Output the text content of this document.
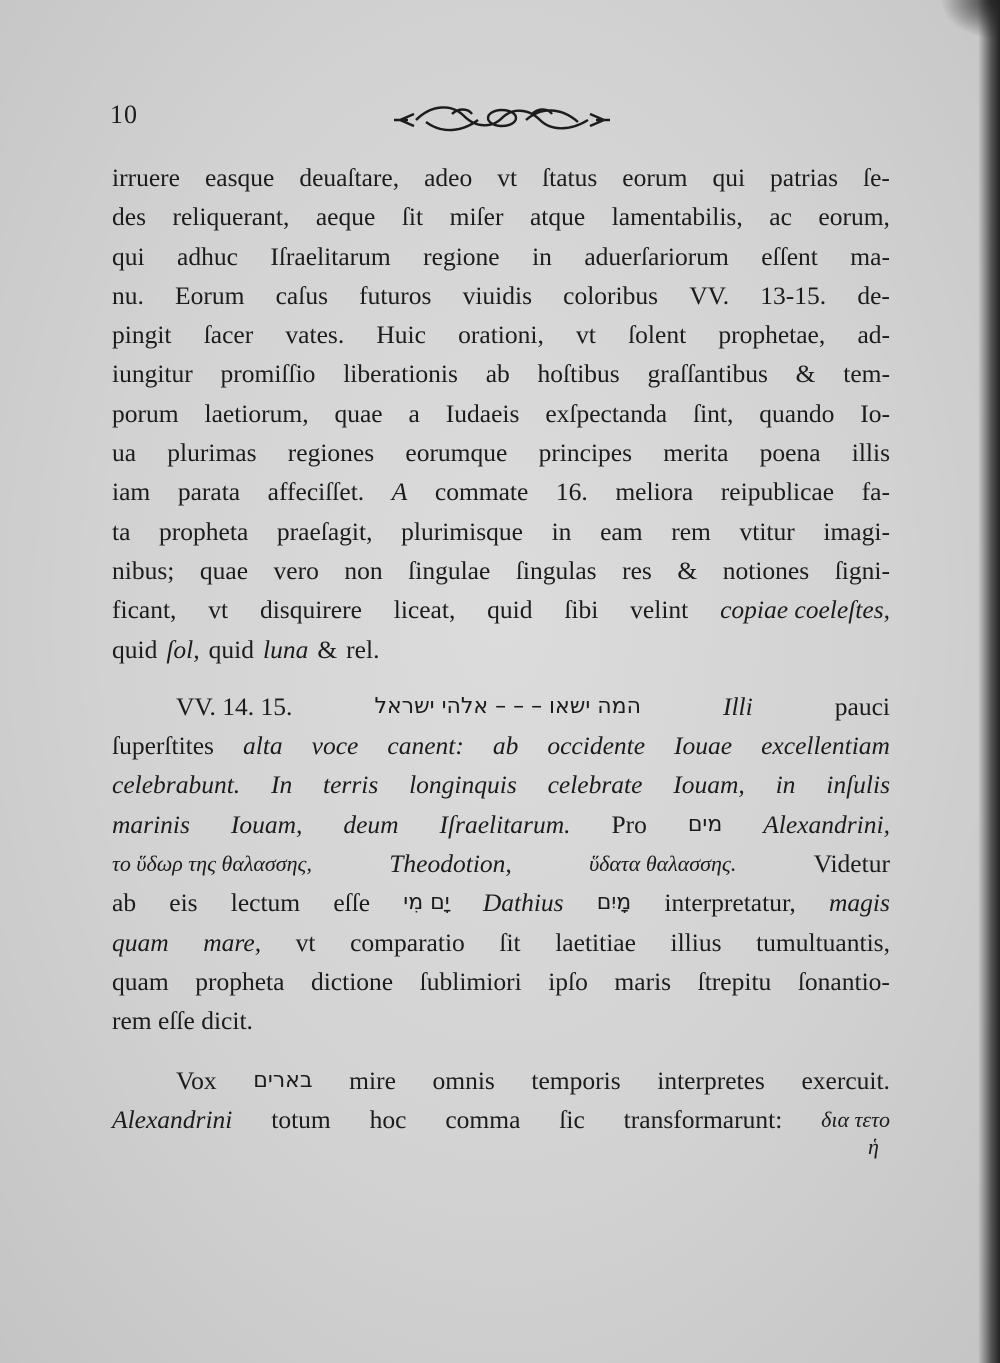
10
irruere easque deuaſtare, adeo vt ſtatus eorum qui patrias ſe-
des reliquerant, aeque ſit miſer atque lamentabilis, ac eorum,
qui adhuc Iſraelitarum regione in aduerſariorum eſſent ma-
nu. Eorum caſus futuros viuidis coloribus VV. 13-15. de-
pingit ſacer vates. Huic orationi, vt ſolent prophetae, ad-
iungitur promiſſio liberationis ab hoſtibus graſſantibus & tem-
porum laetiorum, quae a Iudaeis exſpectanda ſint, quando Io-
ua plurimas regiones eorumque principes merita poena illis
iam parata affeciſſet. A commate 16. meliora reipublicae fa-
ta propheta praeſagit, plurimisque in eam rem vtitur imagi-
nibus; quae vero non ſingulae ſingulas res & notiones ſigni-
ficant, vt disquirere liceat, quid ſibi velint copiae coeleſtes,
quid ſol, quid luna & rel.
VV. 14. 15.	המה ישאו – – – אלהי ישראל	Illi	pauci
ſuperſtites alta voce canent: ab occidente Iouae excellentiam
celebrabunt. In terris longinquis celebrate Iouam, in inſulis
marinis Iouam, deum Iſraelitarum. Pro מים Alexandrini,
το ὕδωρ της θαλασσης,	Theodotion,	ὕδατα θαλασσης.	Videtur
ab eis lectum eſſe יָם מִי Dathius מָיִם interpretatur, magis
quam mare, vt comparatio ſit laetitiae illius tumultuantis,
quam propheta dictione ſublimiori ipſo maris ſtrepitu ſonantio-
rem eſſe dicit.
Vox בארים mire omnis temporis interpretes exercuit.
Alexandrini totum hoc comma ſic transformarunt: δια τετο
ἡ
